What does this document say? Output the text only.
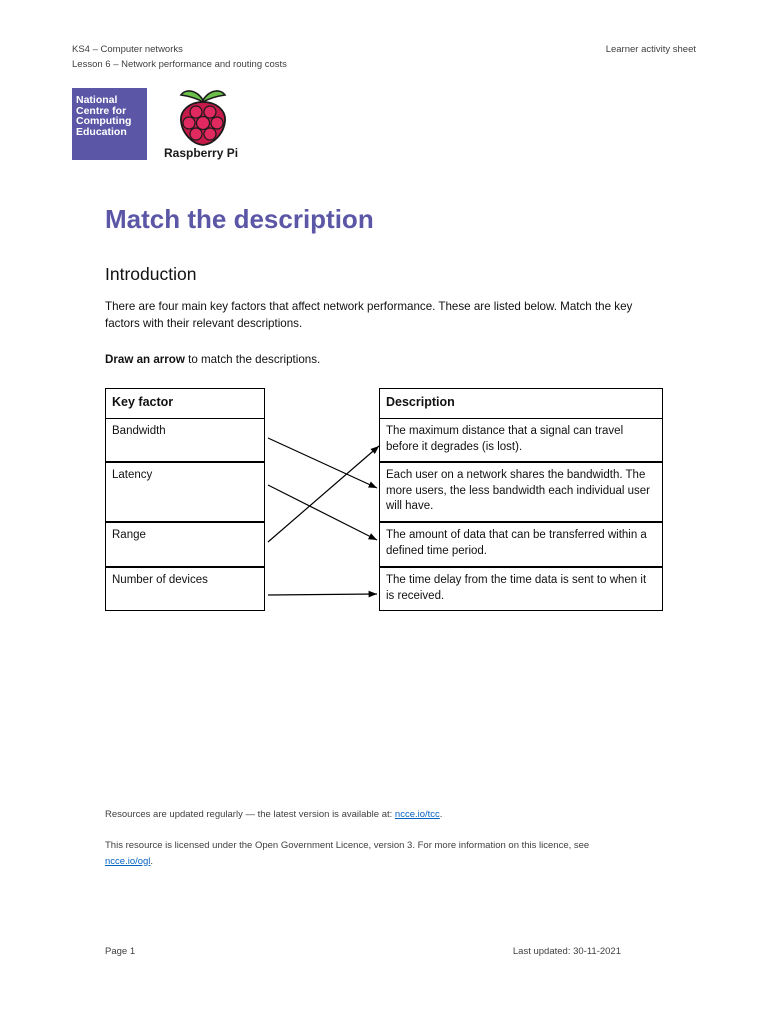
KS4 – Computer networks
Lesson 6 – Network performance and routing costs
Learner activity sheet
National
Centre for
Computing
Education
Raspberry Pi
Match the description
Introduction
There are four main key factors that affect network performance. These are listed below. Match the key factors with their relevant descriptions.
Draw an arrow to match the descriptions.
Key factor
Bandwidth
Latency
Range
Number of devices
Description
The maximum distance that a signal can travel before it degrades (is lost).
Each user on a network shares the bandwidth. The more users, the less bandwidth each individual user will have.
The amount of data that can be transferred within a defined time period.
The time delay from the time data is sent to when it is received.
Resources are updated regularly — the latest version is available at: ncce.io/tcc.
This resource is licensed under the Open Government Licence, version 3. For more information on this licence, see ncce.io/ogl.
Page 1	Last updated: 30-11-2021
